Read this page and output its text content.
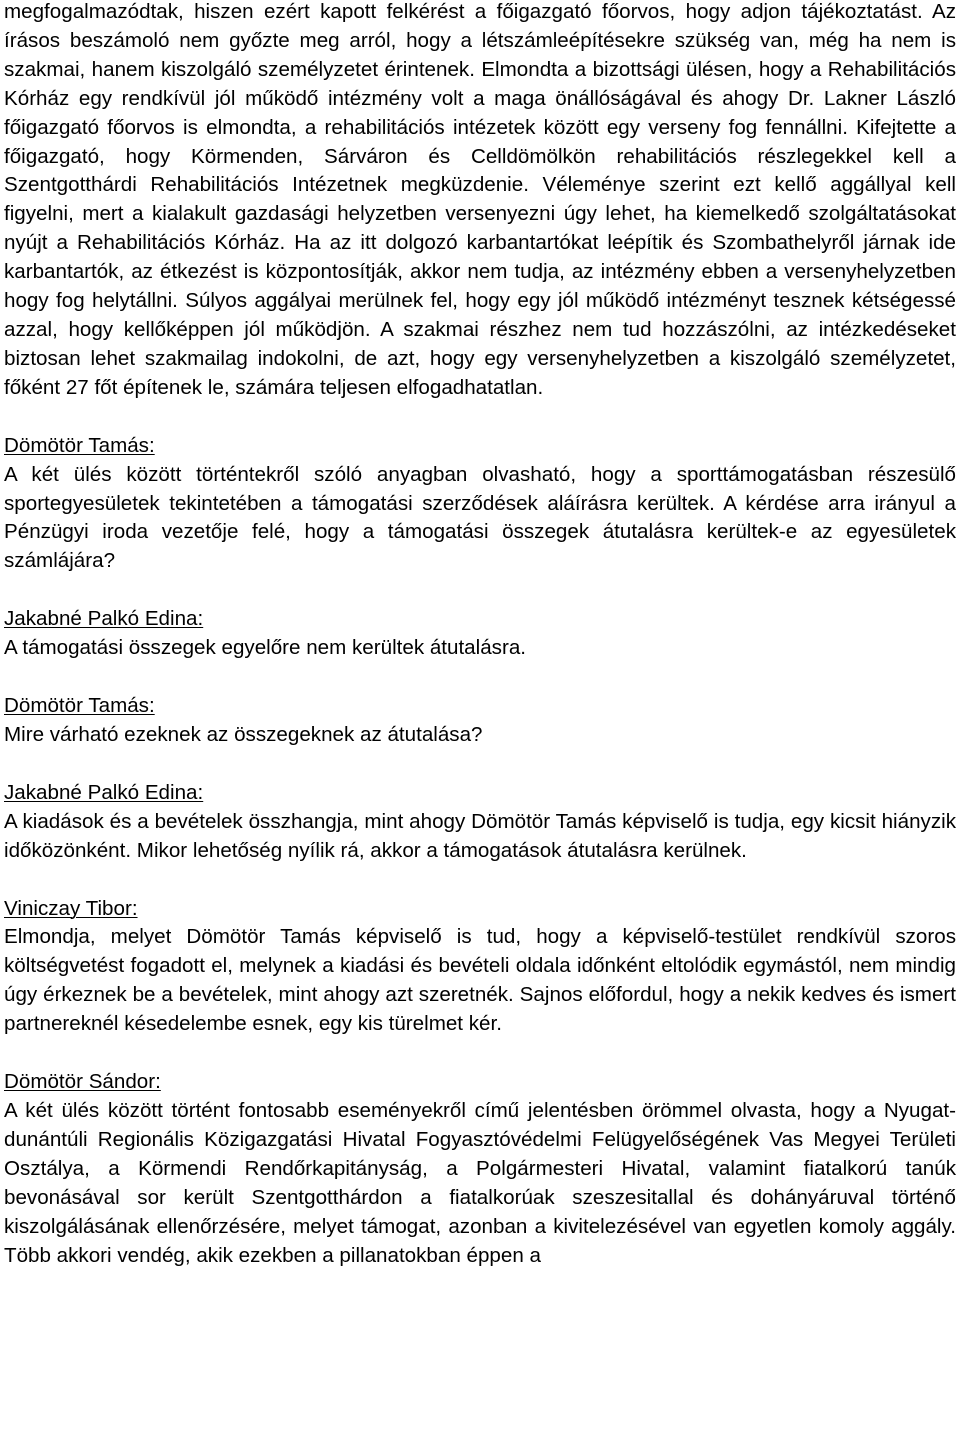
megfogalmazódtak, hiszen ezért kapott felkérést a főigazgató főorvos, hogy adjon tájékoztatást. Az írásos beszámoló nem győzte meg arról, hogy a létszámleépítésekre szükség van, még ha nem is szakmai, hanem kiszolgáló személyzetet érintenek. Elmondta a bizottsági ülésen, hogy a Rehabilitációs Kórház egy rendkívül jól működő intézmény volt a maga önállóságával és ahogy Dr. Lakner László főigazgató főorvos is elmondta, a rehabilitációs intézetek között egy verseny fog fennállni. Kifejtette a főigazgató, hogy Körmenden, Sárváron és Celldömölkön rehabilitációs részlegekkel kell a Szentgotthárdi Rehabilitációs Intézetnek megküzdenie. Véleménye szerint ezt kellő aggállyal kell figyelni, mert a kialakult gazdasági helyzetben versenyezni úgy lehet, ha kiemelkedő szolgáltatásokat nyújt a Rehabilitációs Kórház. Ha az itt dolgozó karbantartókat leépítik és Szombathelyről járnak ide karbantartók, az étkezést is központosítják, akkor nem tudja, az intézmény ebben a versenyhelyzetben hogy fog helytállni. Súlyos aggályai merülnek fel, hogy egy jól működő intézményt tesznek kétségessé azzal, hogy kellőképpen jól működjön. A szakmai részhez nem tud hozzászólni, az intézkedéseket biztosan lehet szakmailag indokolni, de azt, hogy egy versenyhelyzetben a kiszolgáló személyzetet, főként 27 főt építenek le, számára teljesen elfogadhatatlan.

Dömötör Tamás:

A két ülés között történtekről szóló anyagban olvasható, hogy a sporttámogatásban részesülő sportegyesületek tekintetében a támogatási szerződések aláírásra kerültek. A kérdése arra irányul a Pénzügyi iroda vezetője felé, hogy a támogatási összegek átutalásra kerültek-e az egyesületek számlájára?

Jakabné Palkó Edina:

A támogatási összegek egyelőre nem kerültek átutalásra.

Dömötör Tamás:

Mire várható ezeknek az összegeknek az átutalása?

Jakabné Palkó Edina:

A kiadások és a bevételek összhangja, mint ahogy Dömötör Tamás képviselő is tudja, egy kicsit hiányzik időközönként. Mikor lehetőség nyílik rá, akkor a támogatások átutalásra kerülnek.

Viniczay Tibor:

Elmondja, melyet Dömötör Tamás képviselő is tud, hogy a képviselő-testület rendkívül szoros költségvetést fogadott el, melynek a kiadási és bevételi oldala időnként eltolódik egymástól, nem mindig úgy érkeznek be a bevételek, mint ahogy azt szeretnék. Sajnos előfordul, hogy a nekik kedves és ismert partnereknél késedelembe esnek, egy kis türelmet kér.

Dömötör Sándor:

A két ülés között történt fontosabb eseményekről című jelentésben örömmel olvasta, hogy a Nyugat-dunántúli Regionális Közigazgatási Hivatal Fogyasztóvédelmi Felügyelőségének Vas Megyei Területi Osztálya, a Körmendi Rendőrkapitányság, a Polgármesteri Hivatal, valamint fiatalkorú tanúk bevonásával sor került Szentgotthárdon a fiatalkorúak szeszesitallal és dohányáruval történő kiszolgálásának ellenőrzésére, melyet támogat, azonban a kivitelezésével van egyetlen komoly aggály. Több akkori vendég, akik ezekben a pillanatokban éppen a
